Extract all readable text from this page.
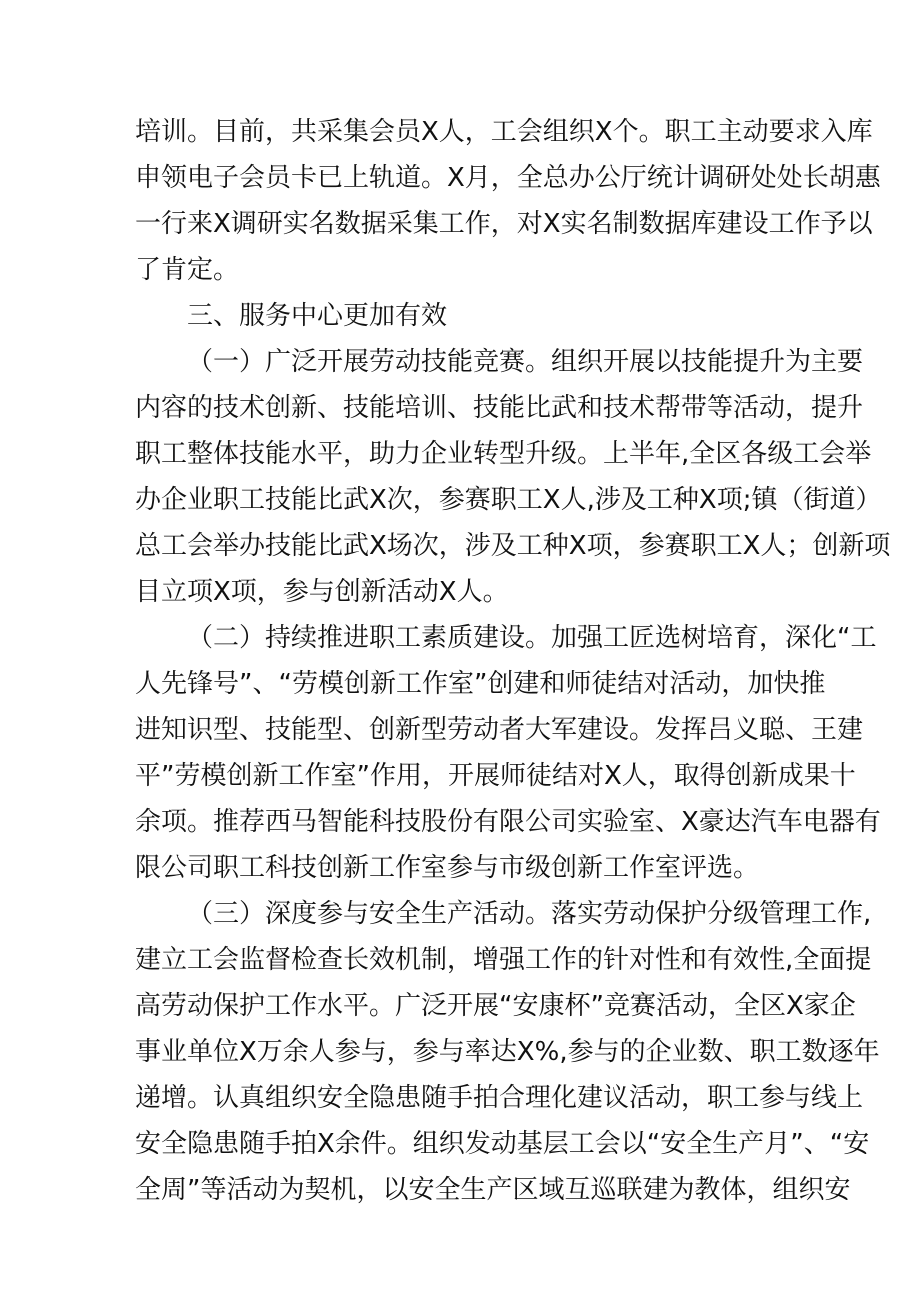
培训。目前，共采集会员X人，工会组织X个。职工主动要求入库
申领电子会员卡已上轨道。X月，全总办公厅统计调研处处长胡惠
一行来X调研实名数据采集工作，对X实名制数据库建设工作予以
了肯定。
三、服务中心更加有效
（一）广泛开展劳动技能竞赛。组织开展以技能提升为主要
内容的技术创新、技能培训、技能比武和技术帮带等活动，提升
职工整体技能水平，助力企业转型升级。上半年,全区各级工会举
办企业职工技能比武X次，参赛职工X人,涉及工种X项;镇（街道）
总工会举办技能比武X场次，涉及工种X项，参赛职工X人；创新项
目立项X项，参与创新活动X人。
（二）持续推进职工素质建设。加强工匠选树培育，深化“工
人先锋号”、“劳模创新工作室”创建和师徒结对活动，加快推
进知识型、技能型、创新型劳动者大军建设。发挥吕义聪、王建
平”劳模创新工作室”作用，开展师徒结对X人，取得创新成果十
余项。推荐西马智能科技股份有限公司实验室、X豪达汽车电器有
限公司职工科技创新工作室参与市级创新工作室评选。
（三）深度参与安全生产活动。落实劳动保护分级管理工作,
建立工会监督检查长效机制，增强工作的针对性和有效性,全面提
高劳动保护工作水平。广泛开展“安康杯”竞赛活动，全区X家企
事业单位X万余人参与，参与率达X%,参与的企业数、职工数逐年
递增。认真组织安全隐患随手拍合理化建议活动，职工参与线上
安全隐患随手拍X余件。组织发动基层工会以“安全生产月”、“安
全周”等活动为契机，以安全生产区域互巡联建为教体，组织安
